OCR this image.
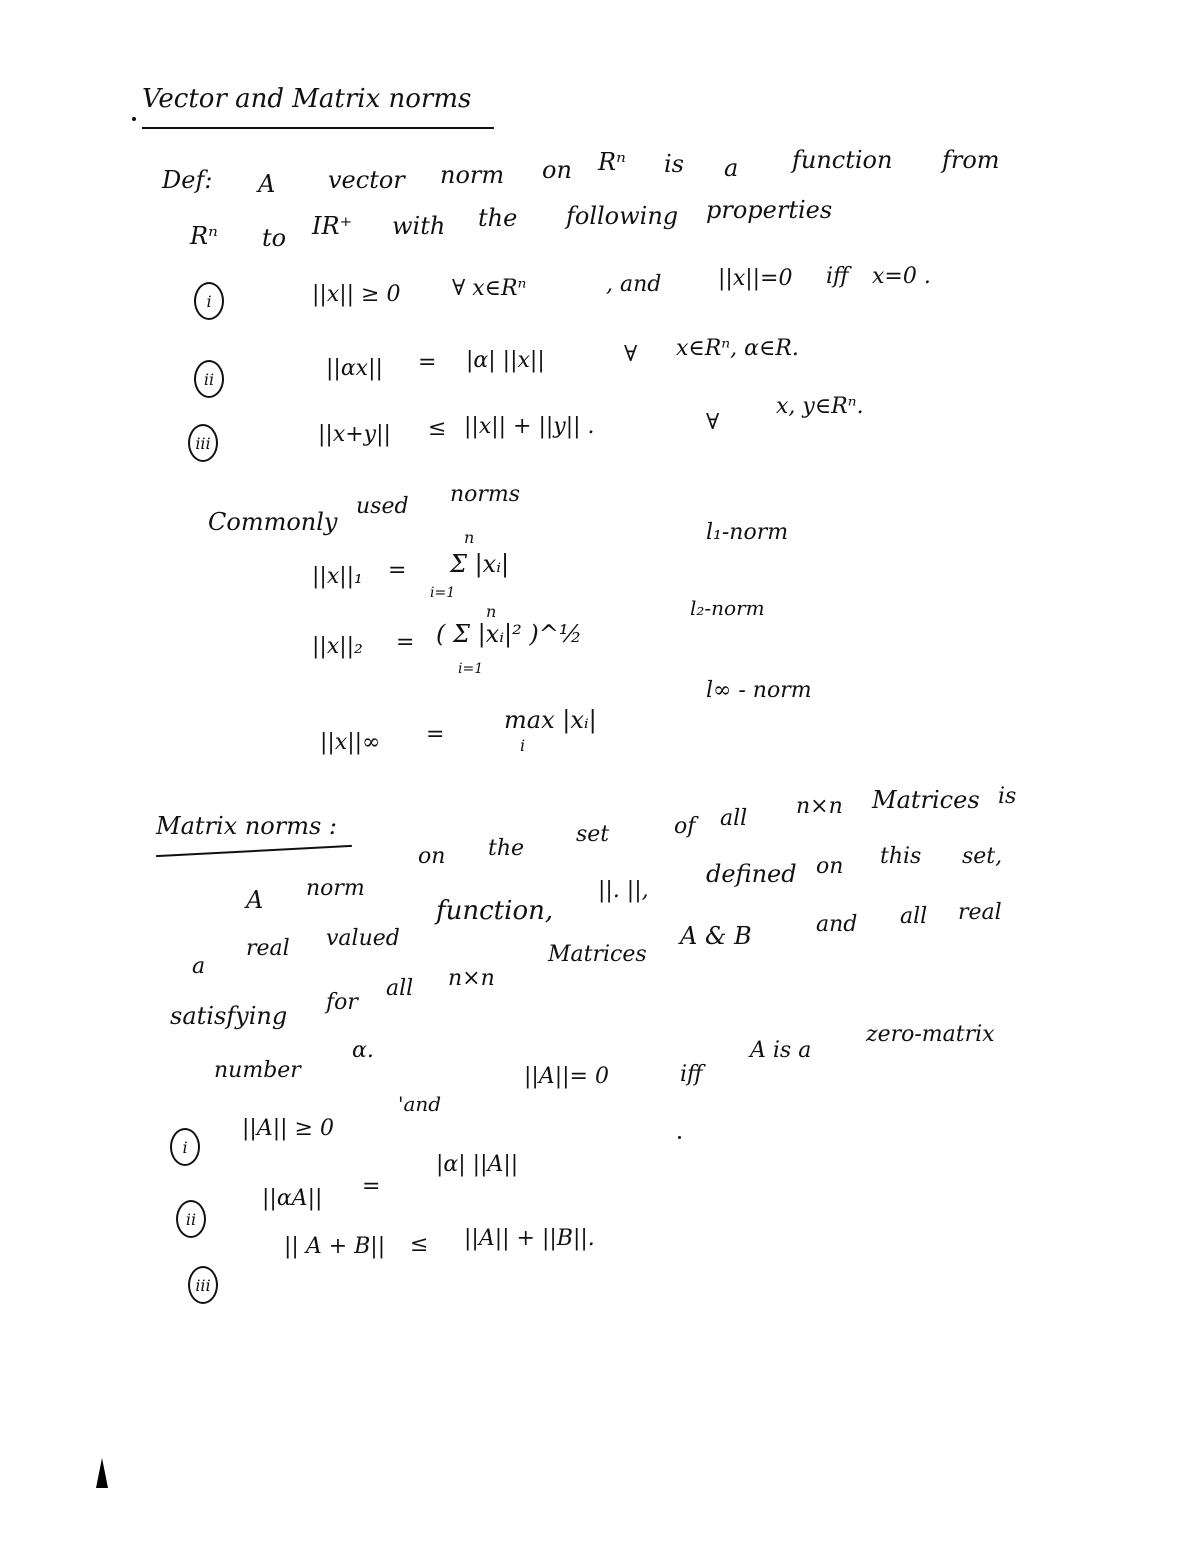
Vector and Matrix norms
Def: A vector norm on Rⁿ is a function from
Rⁿ to IR⁺ with the following properties
i	||x|| ≥ 0 ∀ x∈Rⁿ	, and	||x||=0 iff x=0 .
ii	||αx|| = |α| ||x||	∀ x∈Rⁿ, α∈R.
iii	||x+y|| ≤ ||x|| + ||y|| .	∀
x, y∈Rⁿ.
Commonly
used norms
||x||₁ =
n
Σ |xᵢ|
i=1
l₁-norm
||x||₂ =
n
( Σ |xᵢ|² )^½
i=1
l₂-norm
||x||∞ =
max |xᵢ|
i
l∞ - norm
Matrix norms :
on the
set	of all n×n Matrices is
A norm	||. ||,
defined on this set,
a
real valued
function,
Matrices
A & B	and all real
satisfying for
all n×n
number
α.
'and
||A||= 0	iff
A is a
zero-matrix
i
||A|| ≥ 0
ii
||αA|| =
|α| ||A||
iii
|| A + B|| ≤ ||A|| + ||B||.
